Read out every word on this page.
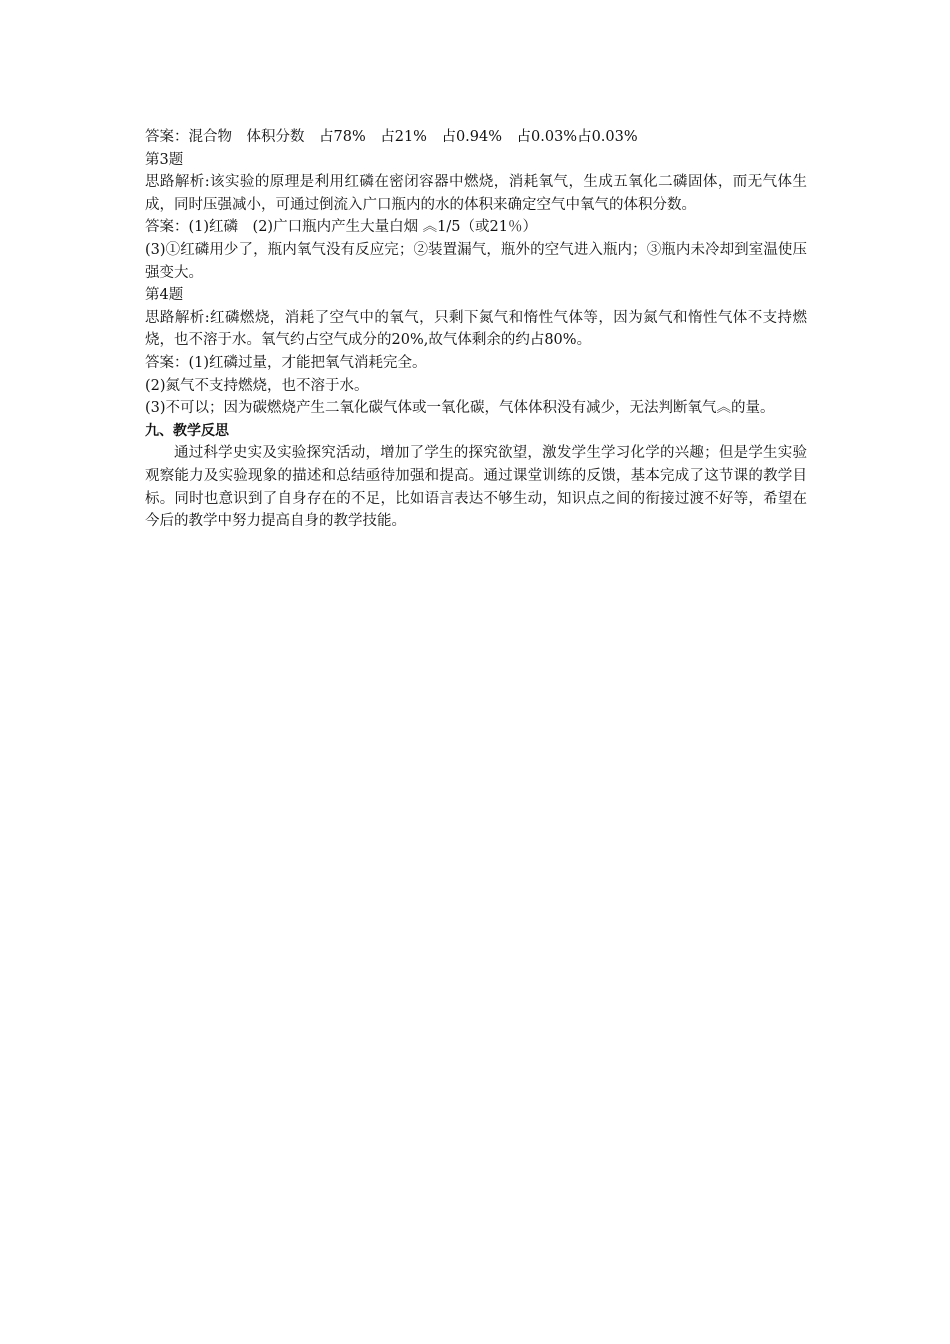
答案：混合物　体积分数　占78%　占21%　占0.94%　占0.03%占0.03%

第3题

思路解析:该实验的原理是利用红磷在密闭容器中燃烧，消耗氧气，生成五氧化二磷固体，而无气体生成，同时压强减小，可通过倒流入广口瓶内的水的体积来确定空气中氧气的体积分数。

答案：(1)红磷　(2)广口瓶内产生大量白烟 ︽1/5（或21％）

(3)①红磷用少了，瓶内氧气没有反应完；②装置漏气，瓶外的空气进入瓶内；③瓶内未冷却到室温使压强变大。

第4题

思路解析:红磷燃烧，消耗了空气中的氧气，只剩下氮气和惰性气体等，因为氮气和惰性气体不支持燃烧，也不溶于水。氧气约占空气成分的20%,故气体剩余的约占80%。

答案：(1)红磷过量，才能把氧气消耗完全。

(2)氮气不支持燃烧，也不溶于水。

(3)不可以；因为碳燃烧产生二氧化碳气体或一氧化碳，气体体积没有减少，无法判断氧气︽的量。

九、教学反思

通过科学史实及实验探究活动，增加了学生的探究欲望，激发学生学习化学的兴趣；但是学生实验观察能力及实验现象的描述和总结亟待加强和提高。通过课堂训练的反馈，基本完成了这节课的教学目标。同时也意识到了自身存在的不足，比如语言表达不够生动，知识点之间的衔接过渡不好等，希望在今后的教学中努力提高自身的教学技能。
